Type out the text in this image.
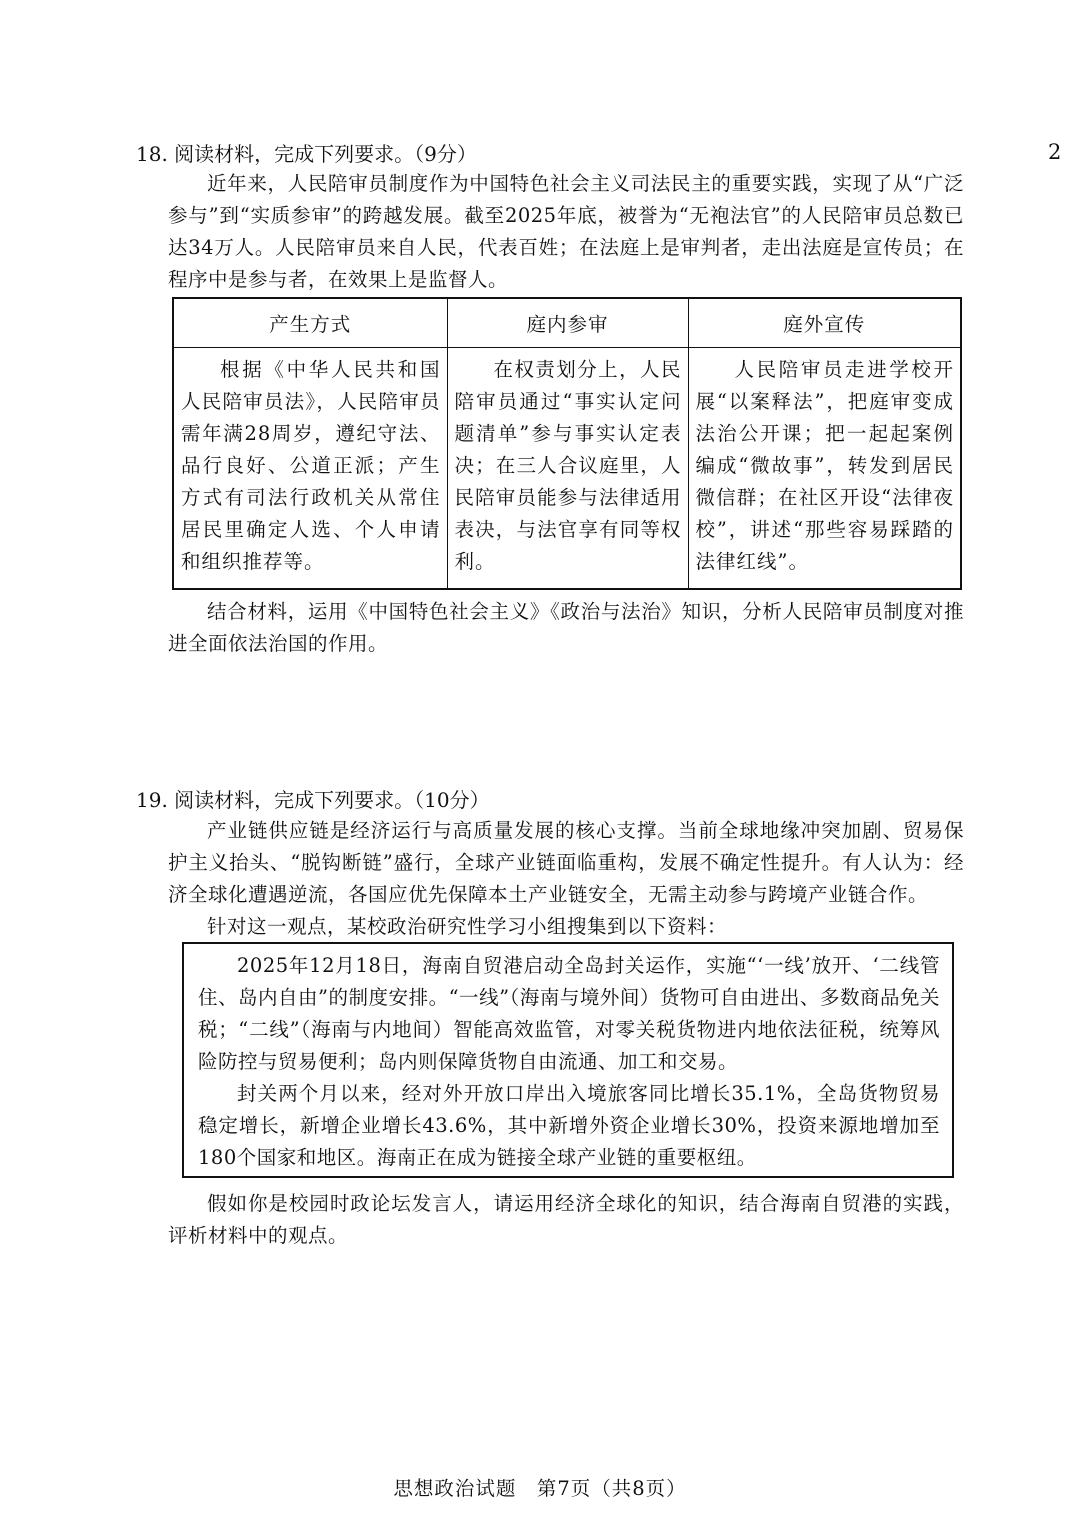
2
18. 阅读材料，完成下列要求。（9分）

近年来，人民陪审员制度作为中国特色社会主义司法民主的重要实践，实现了从“广泛参与”到“实质参审”的跨越发展。截至2025年底，被誉为“无袍法官”的人民陪审员总数已达34万人。人民陪审员来自人民，代表百姓；在法庭上是审判者，走出法庭是宣传员；在程序中是参与者，在效果上是监督人。

产生方式	庭内参审	庭外宣传
根据《中华人民共和国人民陪审员法》，人民陪审员需年满28周岁，遵纪守法、品行良好、公道正派；产生方式有司法行政机关从常住居民里确定人选、个人申请和组织推荐等。	在权责划分上，人民陪审员通过“事实认定问题清单”参与事实认定表决；在三人合议庭里，人民陪审员能参与法律适用表决，与法官享有同等权利。	人民陪审员走进学校开展“以案释法”，把庭审变成法治公开课；把一起起案例编成“微故事”，转发到居民微信群；在社区开设“法律夜校”，讲述“那些容易踩踏的法律红线”。

结合材料，运用《中国特色社会主义》《政治与法治》知识，分析人民陪审员制度对推进全面依法治国的作用。

19. 阅读材料，完成下列要求。（10分）

产业链供应链是经济运行与高质量发展的核心支撑。当前全球地缘冲突加剧、贸易保护主义抬头、“脱钩断链”盛行，全球产业链面临重构，发展不确定性提升。有人认为：经济全球化遭遇逆流，各国应优先保障本土产业链安全，无需主动参与跨境产业链合作。

针对这一观点，某校政治研究性学习小组搜集到以下资料：

2025年12月18日，海南自贸港启动全岛封关运作，实施“‘一线’放开、‘二线管住、岛内自由”的制度安排。“一线”（海南与境外间）货物可自由进出、多数商品免关税；“二线”（海南与内地间）智能高效监管，对零关税货物进内地依法征税，统筹风险防控与贸易便利；岛内则保障货物自由流通、加工和交易。

封关两个月以来，经对外开放口岸出入境旅客同比增长35.1%，全岛货物贸易稳定增长，新增企业增长43.6%，其中新增外资企业增长30%，投资来源地增加至180个国家和地区。海南正在成为链接全球产业链的重要枢纽。

假如你是校园时政论坛发言人，请运用经济全球化的知识，结合海南自贸港的实践，评析材料中的观点。

思想政治试题　第7页（共8页）
